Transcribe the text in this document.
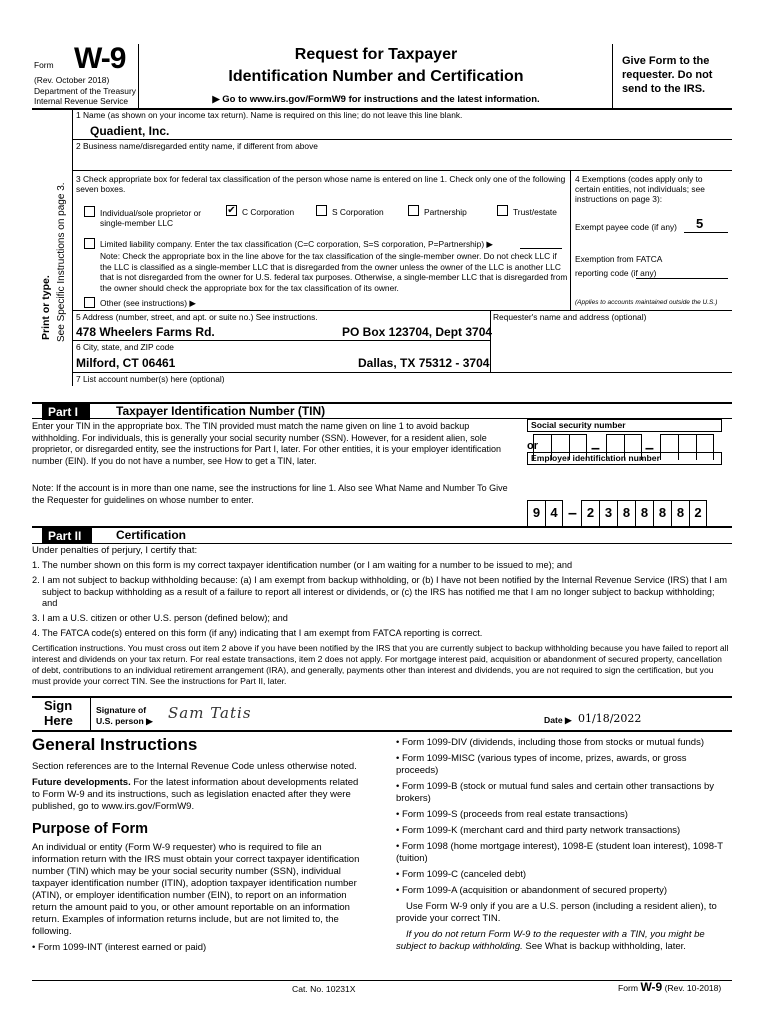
Form W-9
(Rev. October 2018)
Department of the Treasury
Internal Revenue Service
Request for Taxpayer
Identification Number and Certification
▶ Go to www.irs.gov/FormW9 for instructions and the latest information.
Give Form to the requester. Do not send to the IRS.
Print or type. See Specific Instructions on page 3.
1 Name (as shown on your income tax return). Name is required on this line; do not leave this line blank.
Quadient, Inc.
2 Business name/disregarded entity name, if different from above
3 Check appropriate box for federal tax classification of the person whose name is entered on line 1. Check only one of the following seven boxes.
Individual/sole proprietor or single-member LLC
✔ C Corporation	S Corporation	Partnership	Trust/estate
Limited liability company. Enter the tax classification (C=C corporation, S=S corporation, P=Partnership) ▶
Note: Check the appropriate box in the line above for the tax classification of the single-member owner. Do not check LLC if the LLC is classified as a single-member LLC that is disregarded from the owner unless the owner of the LLC is another LLC that is not disregarded from the owner for U.S. federal tax purposes. Otherwise, a single-member LLC that is disregarded from the owner should check the appropriate box for the tax classification of its owner.
Other (see instructions) ▶
4 Exemptions (codes apply only to certain entities, not individuals; see instructions on page 3):
Exempt payee code (if any) 5
Exemption from FATCA reporting code (if any)
(Applies to accounts maintained outside the U.S.)
5 Address (number, street, and apt. or suite no.) See instructions.	Requester's name and address (optional)
478 Wheelers Farms Rd.	PO Box 123704, Dept 3704
6 City, state, and ZIP code
Milford, CT 06461	Dallas, TX 75312 - 3704
7 List account number(s) here (optional)
Part I	Taxpayer Identification Number (TIN)
Enter your TIN in the appropriate box. The TIN provided must match the name given on line 1 to avoid backup withholding. For individuals, this is generally your social security number (SSN). However, for a resident alien, sole proprietor, or disregarded entity, see the instructions for Part I, later. For other entities, it is your employer identification number (EIN). If you do not have a number, see How to get a TIN, later.
Note: If the account is in more than one name, see the instructions for line 1. Also see What Name and Number To Give the Requester for guidelines on whose number to enter.
Social security number
–	–
or
Employer identification number
9 4 – 2 3 8 8 8 8 2
Part II	Certification
Under penalties of perjury, I certify that:
1. The number shown on this form is my correct taxpayer identification number (or I am waiting for a number to be issued to me); and
2. I am not subject to backup withholding because: (a) I am exempt from backup withholding, or (b) I have not been notified by the Internal Revenue Service (IRS) that I am subject to backup withholding as a result of a failure to report all interest or dividends, or (c) the IRS has notified me that I am no longer subject to backup withholding; and
3. I am a U.S. citizen or other U.S. person (defined below); and
4. The FATCA code(s) entered on this form (if any) indicating that I am exempt from FATCA reporting is correct.
Certification instructions. You must cross out item 2 above if you have been notified by the IRS that you are currently subject to backup withholding because you have failed to report all interest and dividends on your tax return. For real estate transactions, item 2 does not apply. For mortgage interest paid, acquisition or abandonment of secured property, cancellation of debt, contributions to an individual retirement arrangement (IRA), and generally, payments other than interest and dividends, you are not required to sign the certification, but you must provide your correct TIN. See the instructions for Part II, later.
Sign
Here
Signature of
U.S. person ▶ Sam Tatis	Date ▶ 01/18/2022
General Instructions

Section references are to the Internal Revenue Code unless otherwise noted.

Future developments. For the latest information about developments related to Form W-9 and its instructions, such as legislation enacted after they were published, go to www.irs.gov/FormW9.

Purpose of Form

An individual or entity (Form W-9 requester) who is required to file an information return with the IRS must obtain your correct taxpayer identification number (TIN) which may be your social security number (SSN), individual taxpayer identification number (ITIN), adoption taxpayer identification number (ATIN), or employer identification number (EIN), to report on an information return the amount paid to you, or other amount reportable on an information return. Examples of information returns include, but are not limited to, the following.

• Form 1099-INT (interest earned or paid)

• Form 1099-DIV (dividends, including those from stocks or mutual funds)
• Form 1099-MISC (various types of income, prizes, awards, or gross proceeds)
• Form 1099-B (stock or mutual fund sales and certain other transactions by brokers)
• Form 1099-S (proceeds from real estate transactions)
• Form 1099-K (merchant card and third party network transactions)
• Form 1098 (home mortgage interest), 1098-E (student loan interest), 1098-T (tuition)
• Form 1099-C (canceled debt)
• Form 1099-A (acquisition or abandonment of secured property)
Use Form W-9 only if you are a U.S. person (including a resident alien), to provide your correct TIN.
If you do not return Form W-9 to the requester with a TIN, you might be subject to backup withholding. See What is backup withholding, later.
Cat. No. 10231X	Form W-9 (Rev. 10-2018)
